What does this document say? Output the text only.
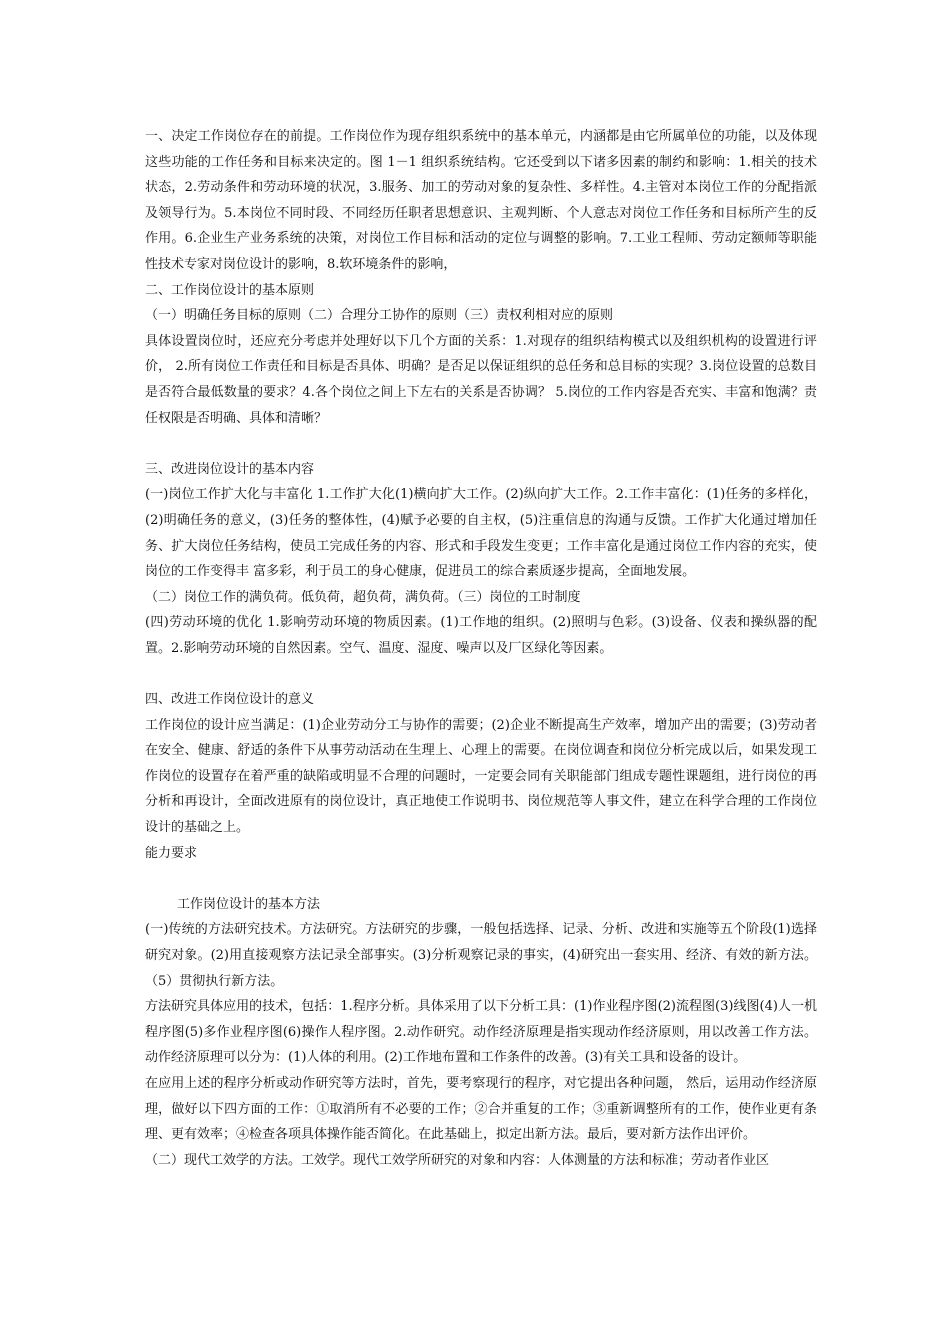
一、决定工作岗位存在的前提。工作岗位作为现存组织系统中的基本单元，内涵都是由它所属单位的功能，以及体现这些功能的工作任务和目标来决定的。图 1－1 组织系统结构。它还受到以下诸多因素的制约和影响：1.相关的技术状态，2.劳动条件和劳动环境的状况，3.服务、加工的劳动对象的复杂性、多样性。4.主管对本岗位工作的分配指派及领导行为。5.本岗位不同时段、不同经历任职者思想意识、主观判断、个人意志对岗位工作任务和目标所产生的反作用。6.企业生产业务系统的决策，对岗位工作目标和活动的定位与调整的影响。7.工业工程师、劳动定额师等职能性技术专家对岗位设计的影响，8.软环境条件的影响，

二、工作岗位设计的基本原则

（一）明确任务目标的原则（二）合理分工协作的原则（三）责权利相对应的原则

具体设置岗位时，还应充分考虑并处理好以下几个方面的关系：1.对现存的组织结构模式以及组织机构的设置进行评价， 2.所有岗位工作责任和目标是否具体、明确？是否足以保证组织的总任务和总目标的实现？3.岗位设置的总数目是否符合最低数量的要求？4.各个岗位之间上下左右的关系是否协调？ 5.岗位的工作内容是否充实、丰富和饱满？责任权限是否明确、具体和清晰？

三、改进岗位设计的基本内容

(一)岗位工作扩大化与丰富化 1.工作扩大化(1)横向扩大工作。(2)纵向扩大工作。2.工作丰富化：(1)任务的多样化，(2)明确任务的意义，(3)任务的整体性，(4)赋予必要的自主权，(5)注重信息的沟通与反馈。工作扩大化通过增加任务、扩大岗位任务结构，使员工完成任务的内容、形式和手段发生变更；工作丰富化是通过岗位工作内容的充实，使岗位的工作变得丰 富多彩，利于员工的身心健康，促进员工的综合素质逐步提高，全面地发展。

（二）岗位工作的满负荷。低负荷，超负荷，满负荷。（三）岗位的工时制度

(四)劳动环境的优化 1.影响劳动环境的物质因素。(1)工作地的组织。(2)照明与色彩。(3)设备、仪表和操纵器的配置。2.影响劳动环境的自然因素。空气、温度、湿度、噪声以及厂区绿化等因素。

四、改进工作岗位设计的意义

工作岗位的设计应当满足：(1)企业劳动分工与协作的需要；(2)企业不断提高生产效率，增加产出的需要；(3)劳动者在安全、健康、舒适的条件下从事劳动活动在生理上、心理上的需要。在岗位调查和岗位分析完成以后，如果发现工作岗位的设置存在着严重的缺陷或明显不合理的问题时，一定要会同有关职能部门组成专题性课题组，进行岗位的再分析和再设计，全面改进原有的岗位设计，真正地使工作说明书、岗位规范等人事文件，建立在科学合理的工作岗位设计的基础之上。

能力要求

工作岗位设计的基本方法

(一)传统的方法研究技术。方法研究。方法研究的步骤，一般包括选择、记录、分析、改进和实施等五个阶段(1)选择研究对象。(2)用直接观察方法记录全部事实。(3)分析观察记录的事实，(4)研究出一套实用、经济、有效的新方法。（5）贯彻执行新方法。

方法研究具体应用的技术，包括：1.程序分析。具体采用了以下分析工具：(1)作业程序图(2)流程图(3)线图(4)人一机程序图(5)多作业程序图(6)操作人程序图。2.动作研究。动作经济原理是指实现动作经济原则，用以改善工作方法。动作经济原理可以分为：(1)人体的利用。(2)工作地布置和工作条件的改善。(3)有关工具和设备的设计。

在应用上述的程序分析或动作研究等方法时，首先，要考察现行的程序，对它提出各种问题， 然后，运用动作经济原理，做好以下四方面的工作：①取消所有不必要的工作；②合并重复的工作；③重新调整所有的工作，使作业更有条理、更有效率；④检查各项具体操作能否简化。在此基础上，拟定出新方法。最后，要对新方法作出评价。

（二）现代工效学的方法。工效学。现代工效学所研究的对象和内容：人体测量的方法和标准；劳动者作业区
